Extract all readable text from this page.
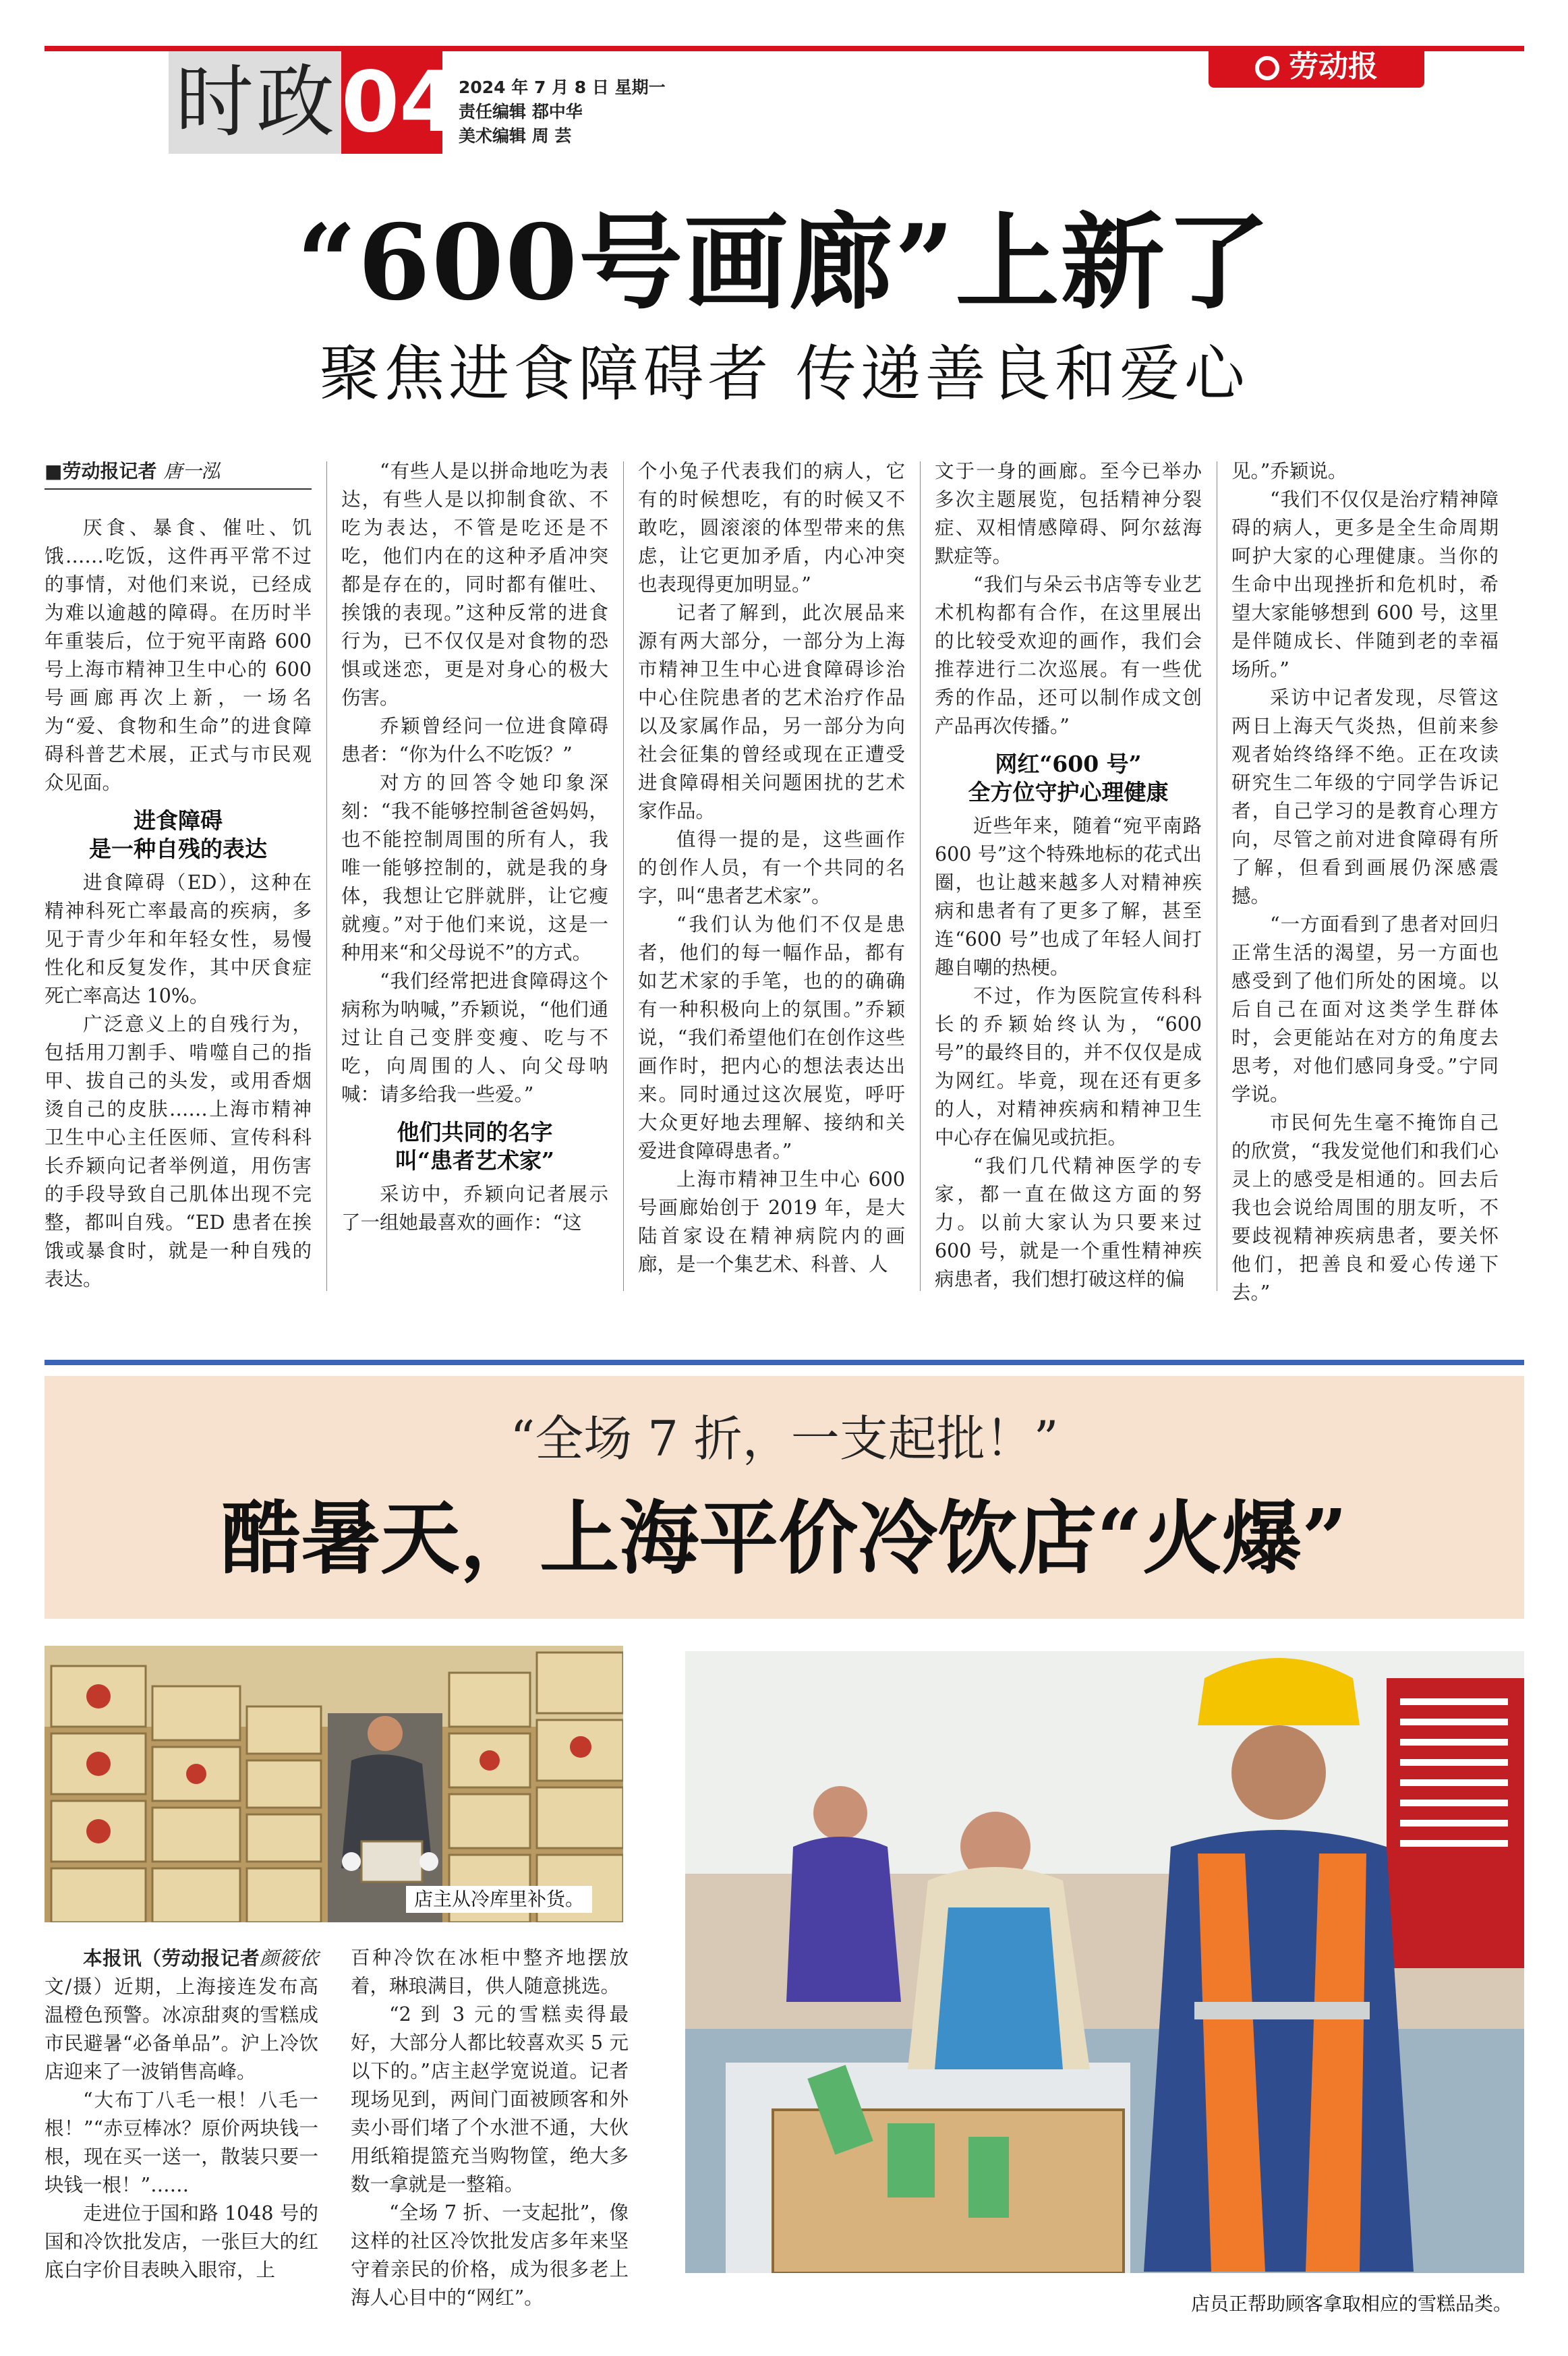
时政 04 2024 年 7 月 8 日 星期一
责任编辑 鄀中华
美术编辑 周 芸
劳动报
“600号画廊”上新了
聚焦进食障碍者 传递善良和爱心
■劳动报记者 唐一泓

厌食、暴食、催吐、饥饿……吃饭，这件再平常不过的事情，对他们来说，已经成为难以逾越的障碍。在历时半年重装后，位于宛平南路 600 号上海市精神卫生中心的 600 号画廊再次上新，一场名为“爱、食物和生命”的进食障碍科普艺术展，正式与市民观众见面。

进食障碍
是一种自残的表达

进食障碍（ED），这种在精神科死亡率最高的疾病，多见于青少年和年轻女性，易慢性化和反复发作，其中厌食症死亡率高达 10%。

广泛意义上的自残行为，包括用刀割手、啃噬自己的指甲、拔自己的头发，或用香烟烫自己的皮肤……上海市精神卫生中心主任医师、宣传科科长乔颖向记者举例道，用伤害的手段导致自己肌体出现不完整，都叫自残。“ED 患者在挨饿或暴食时，就是一种自残的表达。

“有些人是以拼命地吃为表达，有些人是以抑制食欲、不吃为表达，不管是吃还是不吃，他们内在的这种矛盾冲突都是存在的，同时都有催吐、挨饿的表现。”这种反常的进食行为，已不仅仅是对食物的恐惧或迷恋，更是对身心的极大伤害。

乔颖曾经问一位进食障碍患者：“你为什么不吃饭？”

对方的回答令她印象深刻：“我不能够控制爸爸妈妈，也不能控制周围的所有人，我唯一能够控制的，就是我的身体，我想让它胖就胖，让它瘦就瘦。”对于他们来说，这是一种用来“和父母说不”的方式。

“我们经常把进食障碍这个病称为呐喊，”乔颖说，“他们通过让自己变胖变瘦、吃与不吃，向周围的人、向父母呐喊：请多给我一些爱。”

他们共同的名字
叫“患者艺术家”

采访中，乔颖向记者展示了一组她最喜欢的画作：“这

个小兔子代表我们的病人，它有的时候想吃，有的时候又不敢吃，圆滚滚的体型带来的焦虑，让它更加矛盾，内心冲突也表现得更加明显。”

记者了解到，此次展品来源有两大部分，一部分为上海市精神卫生中心进食障碍诊治中心住院患者的艺术治疗作品以及家属作品，另一部分为向社会征集的曾经或现在正遭受进食障碍相关问题困扰的艺术家作品。

值得一提的是，这些画作的创作人员，有一个共同的名字，叫“患者艺术家”。

“我们认为他们不仅是患者，他们的每一幅作品，都有如艺术家的手笔，也的的确确有一种积极向上的氛围。”乔颖说，“我们希望他们在创作这些画作时，把内心的想法表达出来。同时通过这次展览，呼吁大众更好地去理解、接纳和关爱进食障碍患者。”

上海市精神卫生中心 600 号画廊始创于 2019 年，是大陆首家设在精神病院内的画廊，是一个集艺术、科普、人

文于一身的画廊。至今已举办多次主题展览，包括精神分裂症、双相情感障碍、阿尔兹海默症等。

“我们与朵云书店等专业艺术机构都有合作，在这里展出的比较受欢迎的画作，我们会推荐进行二次巡展。有一些优秀的作品，还可以制作成文创产品再次传播。”

网红“600 号”
全方位守护心理健康

近些年来，随着“宛平南路 600 号”这个特殊地标的花式出圈，也让越来越多人对精神疾病和患者有了更多了解，甚至连“600 号”也成了年轻人间打趣自嘲的热梗。

不过，作为医院宣传科科长的乔颖始终认为，“600 号”的最终目的，并不仅仅是成为网红。毕竟，现在还有更多的人，对精神疾病和精神卫生中心存在偏见或抗拒。

“我们几代精神医学的专家，都一直在做这方面的努力。以前大家认为只要来过 600 号，就是一个重性精神疾病患者，我们想打破这样的偏

见。”乔颖说。

“我们不仅仅是治疗精神障碍的病人，更多是全生命周期呵护大家的心理健康。当你的生命中出现挫折和危机时，希望大家能够想到 600 号，这里是伴随成长、伴随到老的幸福场所。”

采访中记者发现，尽管这两日上海天气炎热，但前来参观者始终络绎不绝。正在攻读研究生二年级的宁同学告诉记者，自己学习的是教育心理方向，尽管之前对进食障碍有所了解，但看到画展仍深感震撼。

“一方面看到了患者对回归正常生活的渴望，另一方面也感受到了他们所处的困境。以后自己在面对这类学生群体时，会更能站在对方的角度去思考，对他们感同身受。”宁同学说。

市民何先生毫不掩饰自己的欣赏，“我发觉他们和我们心灵上的感受是相通的。回去后我也会说给周围的朋友听，不要歧视精神疾病患者，要关怀他们，把善良和爱心传递下去。”

“全场 7 折，一支起批！”
酷暑天，上海平价冷饮店“火爆”
店主从冷库里补货。
店员正帮助顾客拿取相应的雪糕品类。

本报讯（劳动报记者颜筱依文/摄）近期，上海接连发布高温橙色预警。冰凉甜爽的雪糕成市民避暑“必备单品”。沪上冷饮店迎来了一波销售高峰。

“大布丁八毛一根！八毛一根！”“赤豆棒冰？原价两块钱一根，现在买一送一，散装只要一块钱一根！”……

走进位于国和路 1048 号的国和冷饮批发店，一张巨大的红底白字价目表映入眼帘，上

百种冷饮在冰柜中整齐地摆放着，琳琅满目，供人随意挑选。

“2 到 3 元的雪糕卖得最好，大部分人都比较喜欢买 5 元以下的。”店主赵学宽说道。记者现场见到，两间门面被顾客和外卖小哥们堵了个水泄不通，大伙用纸箱提篮充当购物筐，绝大多数一拿就是一整箱。

“全场 7 折、一支起批”，像这样的社区冷饮批发店多年来坚守着亲民的价格，成为很多老上海人心目中的“网红”。
